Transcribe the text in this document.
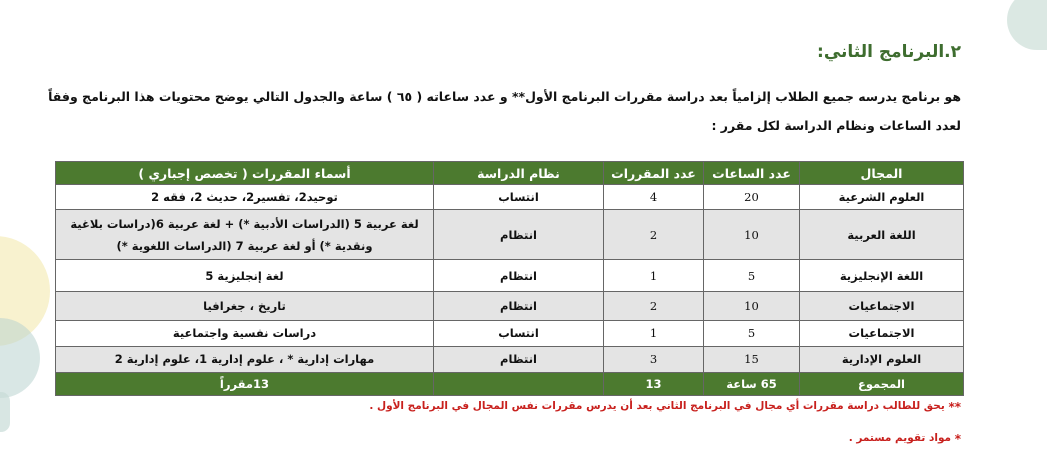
٢.البرنامج الثاني:
هو برنامج يدرسه جميع الطلاب إلزامياً بعد دراسة مقررات البرنامج الأول** و عدد ساعاته ( ٦٥ ) ساعة والجدول التالي يوضح محتويات هذا البرنامج وفقاً لعدد الساعات ونظام الدراسة لكل مقرر :
المجال	عدد الساعات	عدد المقررات	نظام الدراسة	أسماء المقررات ( تخصص إجباري )
العلوم الشرعية	20	4	انتساب	توحيد2، تفسير2، حديث 2، فقه 2
اللغة العربية	10	2	انتظام	لغة عربية 5 (الدراسات الأدبية *) + لغة عربية 6(دراسات بلاغية ونقدية *) أو لغة عربية 7 (الدراسات اللغوية *)
اللغة الإنجليزية	5	1	انتظام	لغة إنجليزية 5
الاجتماعيات	10	2	انتظام	تاريخ ، جغرافيا
الاجتماعيات	5	1	انتساب	دراسات نفسية واجتماعية
العلوم الإدارية	15	3	انتظام	مهارات إدارية * ، علوم إدارية 1، علوم إدارية 2
المجموع	65 ساعة	13		13مقرراً
** يحق للطالب دراسة مقررات أي مجال في البرنامج الثاني بعد أن يدرس مقررات نفس المجال في البرنامج الأول .
* مواد تقويم مستمر .
